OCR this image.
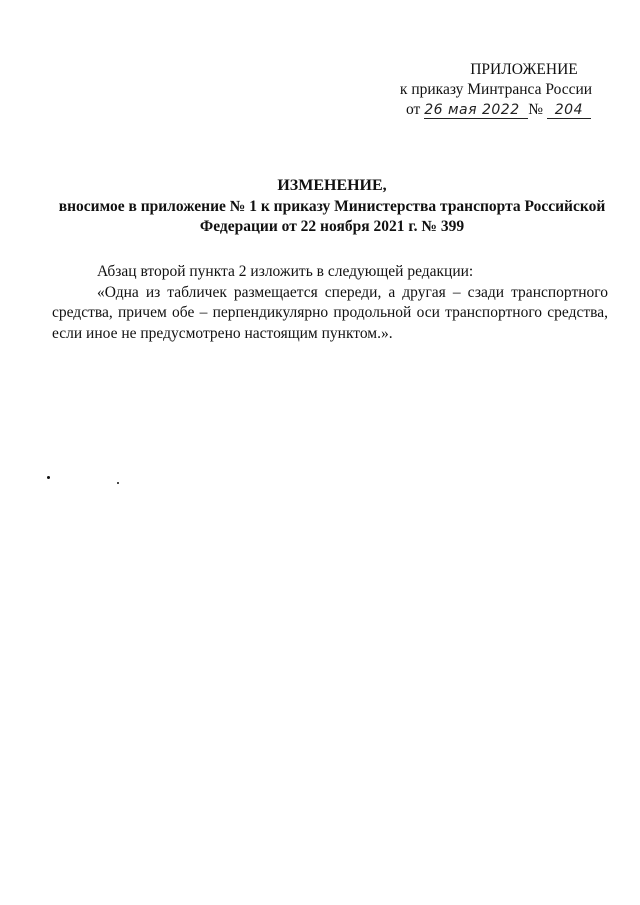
ПРИЛОЖЕНИЕ
к приказу Минтранса России
от 26 мая 2022 № 204
ИЗМЕНЕНИЕ,
вносимое в приложение № 1 к приказу Министерства транспорта Российской
Федерации от 22 ноября 2021 г. № 399

Абзац второй пункта 2 изложить в следующей редакции:

«Одна из табличек размещается спереди, а другая – сзади транспортного средства, причем обе – перпендикулярно продольной оси транспортного средства, если иное не предусмотрено настоящим пунктом.».
